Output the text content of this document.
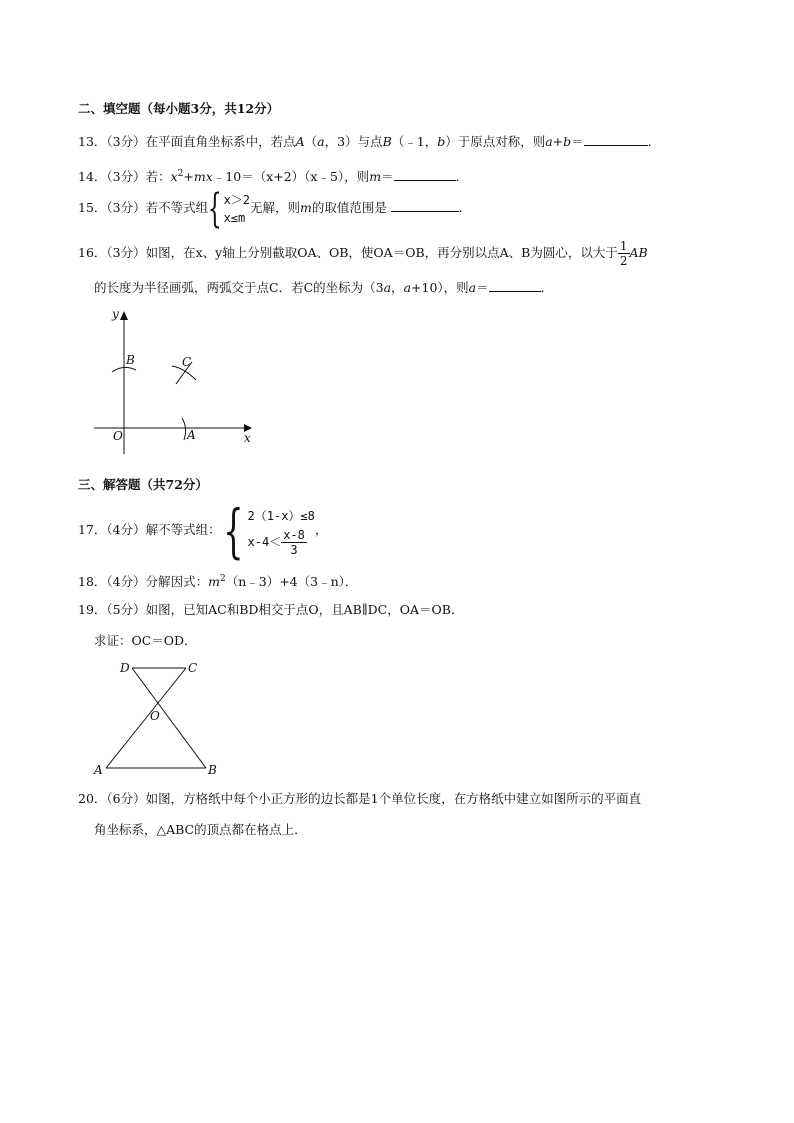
二、填空题（每小题3分，共12分）
13．（3分）在平面直角坐标系中，若点A（a，3）与点B（﹣1，b）于原点对称，则a+b＝	．
14．（3分）若：$x^2+mx﹣10=(x+2)(x﹣5)$，则m＝	．
15．（3分）若不等式组{ x＞2
x≤m
无解，则m的取值范围是	．
16．（3分）如图，在x、y轴上分别截取OA、OB，使OA＝OB，再分别以点A、B为圆心，以大于 $\frac{1}{2}$ AB
的长度为半径画弧，两弧交于点C．若C的坐标为（3a，a+10），则a＝	．
y
x
O	A
B	C
三、解答题（共72分）
17．（4分）解不等式组：{ 2（1-x）≤8
$x-4< \frac{x-8}{3}$ ，
18．（4分）分解因式：$m^2(n﹣3)+4(3﹣n)$．
19．（5分）如图，已知AC和BD相交于点O，且AB∥DC，OA＝OB．
求证：OC＝OD．
D	C
O
A	B
20．（6分）如图，方格纸中每个小正方形的边长都是1个单位长度，在方格纸中建立如图所示的平面直
角坐标系，△ABC的顶点都在格点上．
